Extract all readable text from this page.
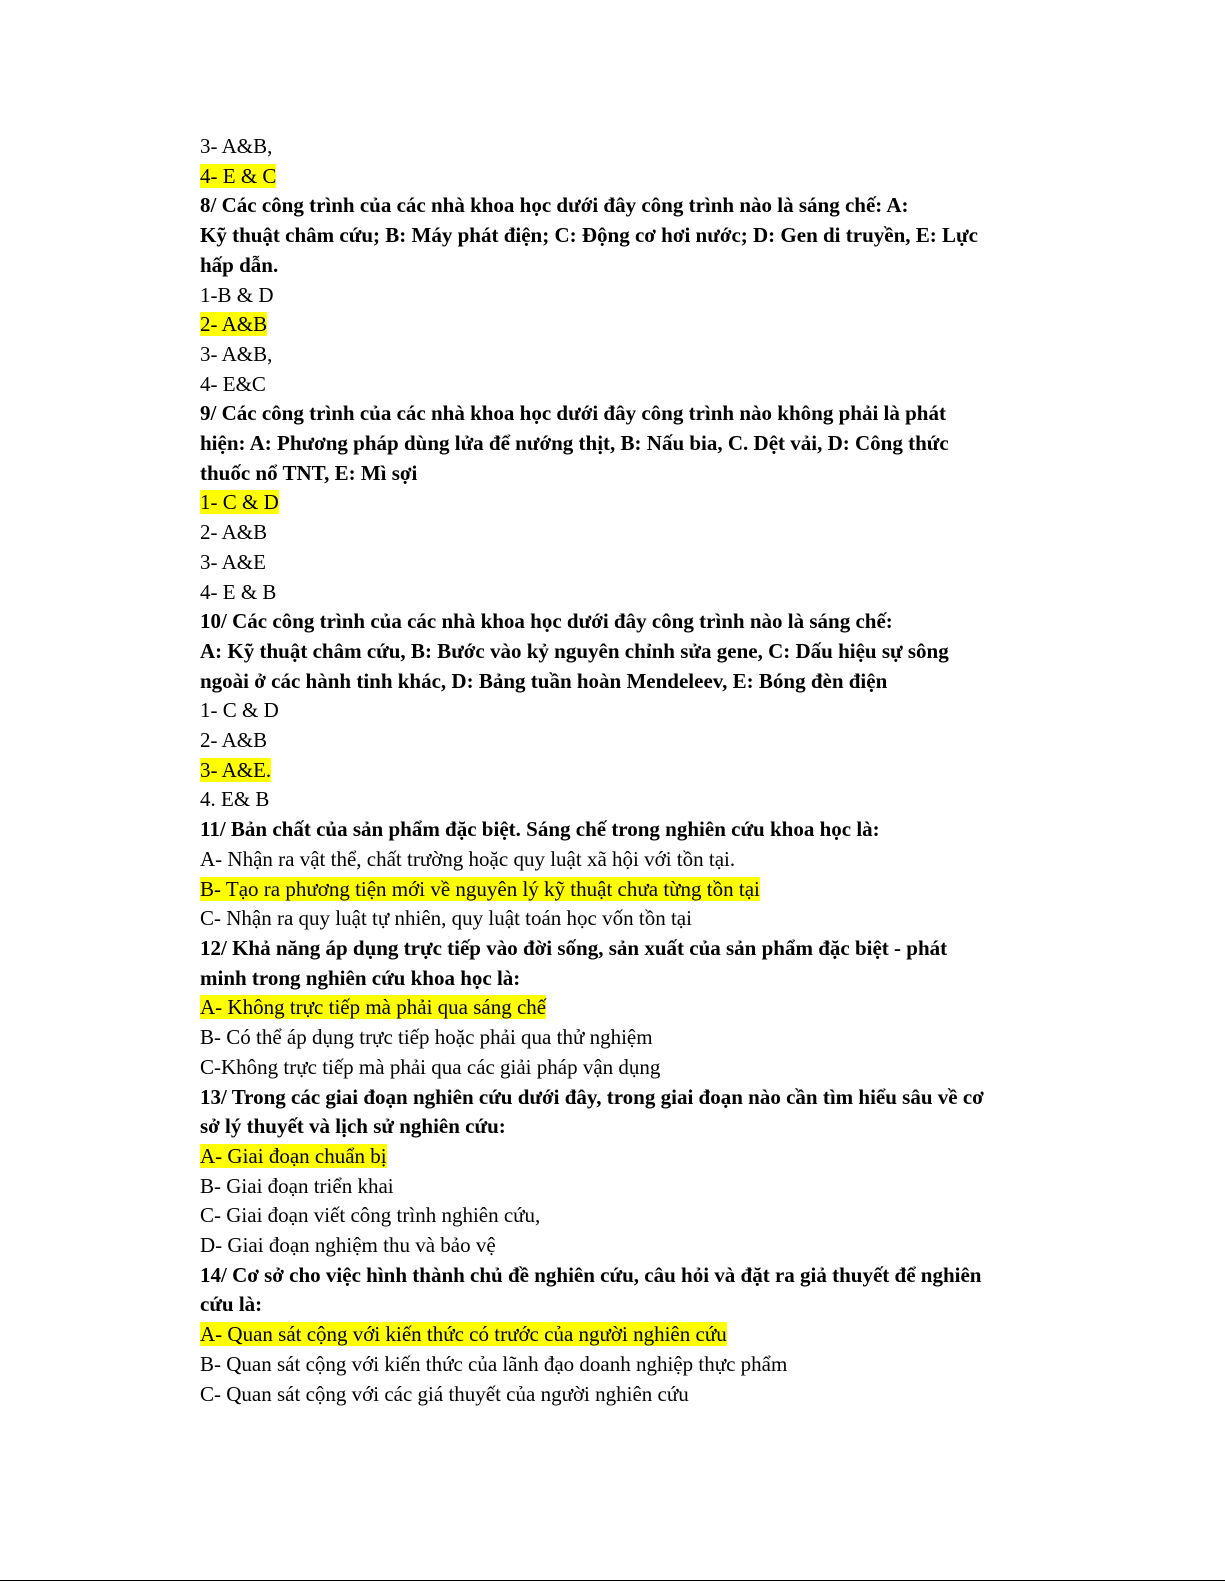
3- A&B,
4- E & C
8/ Các công trình của các nhà khoa học dưới đây công trình nào là sáng chế: A:
Kỹ thuật châm cứu; B: Máy phát điện; C: Động cơ hơi nước; D: Gen di truyền, E: Lực
hấp dẫn.
1-B & D
2- A&B
3- A&B,
4- E&C
9/ Các công trình của các nhà khoa học dưới đây công trình nào không phải là phát
hiện: A: Phương pháp dùng lửa để nướng thịt, B: Nấu bia, C. Dệt vải, D: Công thức
thuốc nổ TNT, E: Mì sợi
1- C & D
2- A&B
3- A&E
4- E & B
10/ Các công trình của các nhà khoa học dưới đây công trình nào là sáng chế:
A: Kỹ thuật châm cứu, B: Bước vào kỷ nguyên chỉnh sửa gene, C: Dấu hiệu sự sông
ngoài ở các hành tinh khác, D: Bảng tuần hoàn Mendeleev, E: Bóng đèn điện
1- C & D
2- A&B
3- A&E.
4. E& B
11/ Bản chất của sản phẩm đặc biệt. Sáng chế trong nghiên cứu khoa học là:
A- Nhận ra vật thể, chất trường hoặc quy luật xã hội với tồn tại.
B- Tạo ra phương tiện mới về nguyên lý kỹ thuật chưa từng tồn tại
C- Nhận ra quy luật tự nhiên, quy luật toán học vốn tồn tại
12/ Khả năng áp dụng trực tiếp vào đời sống, sản xuất của sản phẩm đặc biệt - phát
minh trong nghiên cứu khoa học là:
A- Không trực tiếp mà phải qua sáng chế
B- Có thể áp dụng trực tiếp hoặc phải qua thử nghiệm
C-Không trực tiếp mà phải qua các giải pháp vận dụng
13/ Trong các giai đoạn nghiên cứu dưới đây, trong giai đoạn nào cần tìm hiểu sâu về cơ
sở lý thuyết và lịch sử nghiên cứu:
A- Giai đoạn chuẩn bị
B- Giai đoạn triển khai
C- Giai đoạn viết công trình nghiên cứu,
D- Giai đoạn nghiệm thu và bảo vệ
14/ Cơ sở cho việc hình thành chủ đề nghiên cứu, câu hỏi và đặt ra giả thuyết để nghiên
cứu là:
A- Quan sát cộng với kiến thức có trước của người nghiên cứu
B- Quan sát cộng với kiến thức của lãnh đạo doanh nghiệp thực phẩm
C- Quan sát cộng với các giá thuyết của người nghiên cứu
